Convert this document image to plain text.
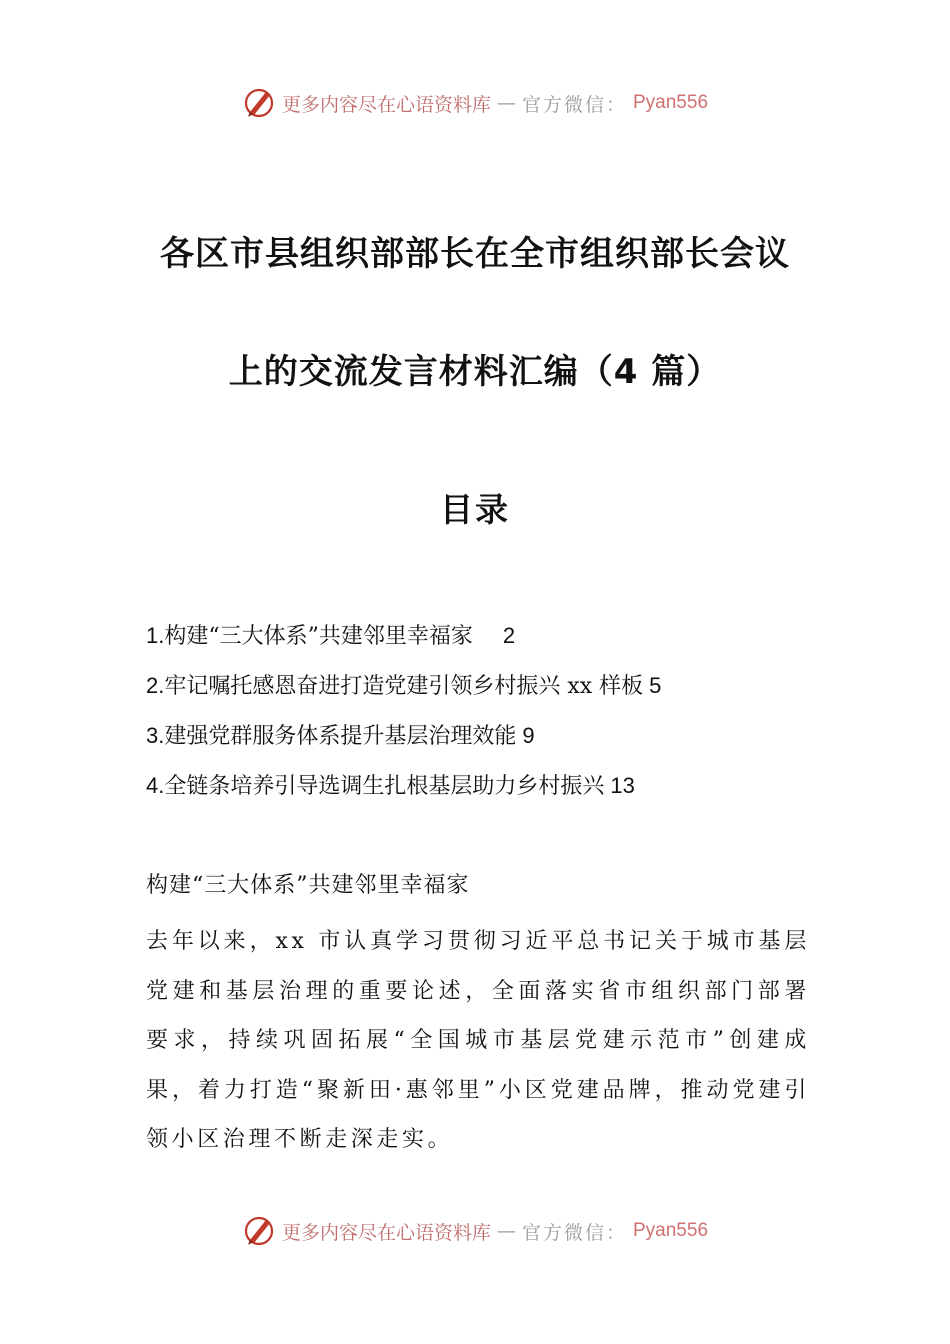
更多内容尽在心语资料库 — 官方微信： Pyan556
各区市县组织部部长在全市组织部长会议
上的交流发言材料汇编（4 篇）
目录
1.构建“三大体系”共建邻里幸福家 2
2.牢记嘱托感恩奋进打造党建引领乡村振兴 xx 样板 5
3.建强党群服务体系提升基层治理效能 9
4.全链条培养引导选调生扎根基层助力乡村振兴 13
构建“三大体系”共建邻里幸福家

去年以来，xx 市认真学习贯彻习近平总书记关于城市基层党建和基层治理的重要论述，全面落实省市组织部门部署要求，持续巩固拓展“全国城市基层党建示范市”创建成果，着力打造“聚新田·惠邻里”小区党建品牌，推动党建引领小区治理不断走深走实。

更多内容尽在心语资料库 — 官方微信： Pyan556
